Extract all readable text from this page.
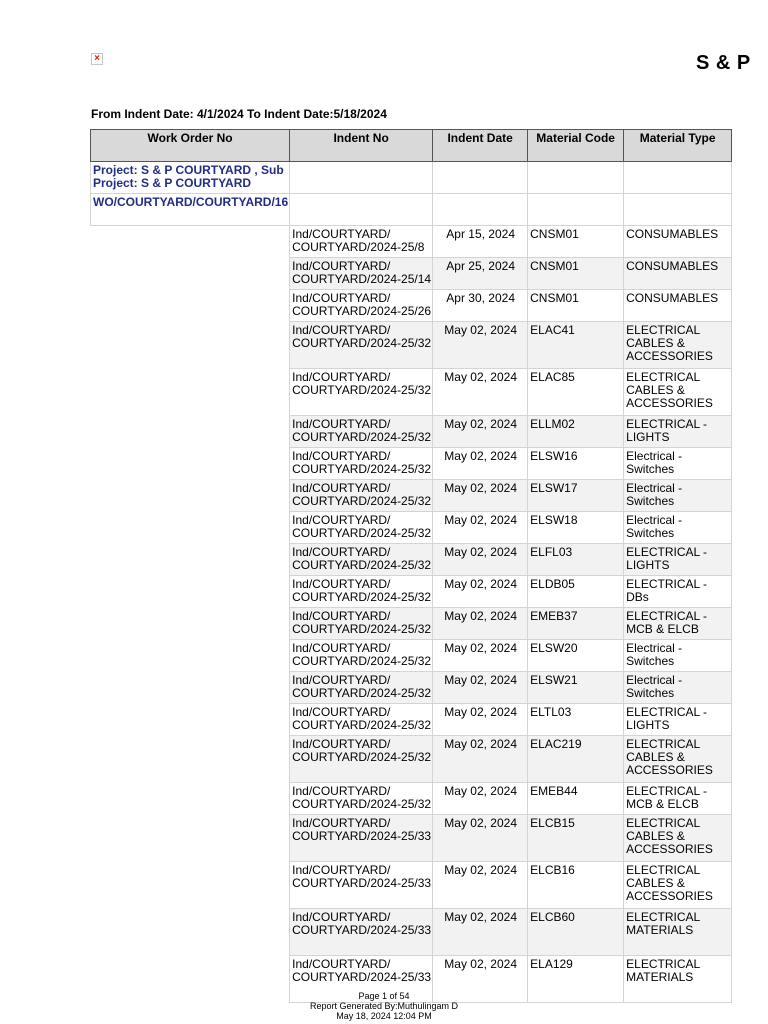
×	S & P
From Indent Date: 4/1/2024 To Indent Date:5/18/2024
Work Order No	Indent No	Indent Date	Material Code	Material Type
Project: S & P COURTYARD , Sub Project: S & P COURTYARD				
WO/COURTYARD/COURTYARD/16				
	Ind/COURTYARD/ COURTYARD/2024-25/8	Apr 15, 2024	CNSM01	CONSUMABLES
	Ind/COURTYARD/ COURTYARD/2024-25/14	Apr 25, 2024	CNSM01	CONSUMABLES
	Ind/COURTYARD/ COURTYARD/2024-25/26	Apr 30, 2024	CNSM01	CONSUMABLES
	Ind/COURTYARD/ COURTYARD/2024-25/32	May 02, 2024	ELAC41	ELECTRICAL CABLES & ACCESSORIES
	Ind/COURTYARD/ COURTYARD/2024-25/32	May 02, 2024	ELAC85	ELECTRICAL CABLES & ACCESSORIES
	Ind/COURTYARD/ COURTYARD/2024-25/32	May 02, 2024	ELLM02	ELECTRICAL - LIGHTS
	Ind/COURTYARD/ COURTYARD/2024-25/32	May 02, 2024	ELSW16	Electrical - Switches
	Ind/COURTYARD/ COURTYARD/2024-25/32	May 02, 2024	ELSW17	Electrical - Switches
	Ind/COURTYARD/ COURTYARD/2024-25/32	May 02, 2024	ELSW18	Electrical - Switches
	Ind/COURTYARD/ COURTYARD/2024-25/32	May 02, 2024	ELFL03	ELECTRICAL - LIGHTS
	Ind/COURTYARD/ COURTYARD/2024-25/32	May 02, 2024	ELDB05	ELECTRICAL - DBs
	Ind/COURTYARD/ COURTYARD/2024-25/32	May 02, 2024	EMEB37	ELECTRICAL - MCB & ELCB
	Ind/COURTYARD/ COURTYARD/2024-25/32	May 02, 2024	ELSW20	Electrical - Switches
	Ind/COURTYARD/ COURTYARD/2024-25/32	May 02, 2024	ELSW21	Electrical - Switches
	Ind/COURTYARD/ COURTYARD/2024-25/32	May 02, 2024	ELTL03	ELECTRICAL - LIGHTS
	Ind/COURTYARD/ COURTYARD/2024-25/32	May 02, 2024	ELAC219	ELECTRICAL CABLES & ACCESSORIES
	Ind/COURTYARD/ COURTYARD/2024-25/32	May 02, 2024	EMEB44	ELECTRICAL - MCB & ELCB
	Ind/COURTYARD/ COURTYARD/2024-25/33	May 02, 2024	ELCB15	ELECTRICAL CABLES & ACCESSORIES
	Ind/COURTYARD/ COURTYARD/2024-25/33	May 02, 2024	ELCB16	ELECTRICAL CABLES & ACCESSORIES
	Ind/COURTYARD/ COURTYARD/2024-25/33	May 02, 2024	ELCB60	ELECTRICAL MATERIALS
	Ind/COURTYARD/ COURTYARD/2024-25/33	May 02, 2024	ELA129	ELECTRICAL MATERIALS
Page 1 of 54
Report Generated By:Muthulingam D
May 18, 2024 12:04 PM
